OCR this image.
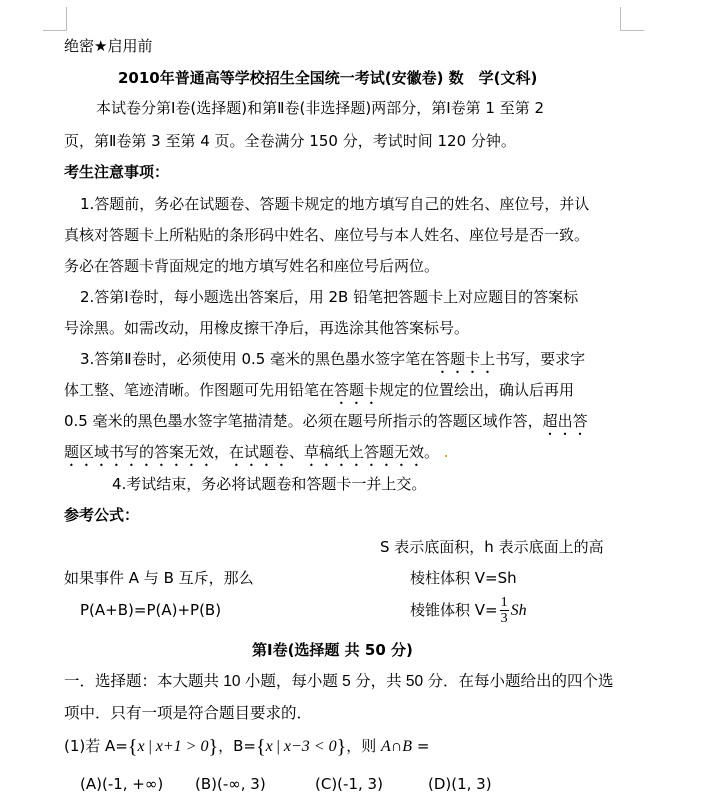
绝密★启用前
2010年普通高等学校招生全国统一考试(安徽卷) 数　学(文科)
本试卷分第Ⅰ卷(选择题)和第Ⅱ卷(非选择题)两部分，第Ⅰ卷第 1 至第 2
页，第Ⅱ卷第 3 至第 4 页。全卷满分 150 分，考试时间 120 分钟。
考生注意事项：
1.答题前，务必在试题卷、答题卡规定的地方填写自己的姓名、座位号，并认
真核对答题卡上所粘贴的条形码中姓名、座位号与本人姓名、座位号是否一致。
务必在答题卡背面规定的地方填写姓名和座位号后两位。
2.答第Ⅰ卷时，每小题选出答案后，用 2B 铅笔把答题卡上对应题目的答案标
号涂黑。如需改动，用橡皮擦干净后，再选涂其他答案标号。
3.答第Ⅱ卷时，必须使用 0.5 毫米的黑色墨水签字笔在答题卡上书写，要求字
体工整、笔迹清晰。作图题可先用铅笔在答题卡规定的位置绘出，确认后再用
0.5 毫米的黑色墨水签字笔描清楚。必须在题号所指示的答题区域作答，超出答
题区域书写的答案无效，在试题卷、草稿纸上答题无效。
4.考试结束，务必将试题卷和答题卡一并上交。
参考公式：
S 表示底面积，h 表示底面上的高
如果事件 A 与 B 互斥，那么	棱柱体积 V=Sh
P(A+B)=P(A)+P(B)	棱锥体积 $V= \frac{1}{3}$ Sh
第Ⅰ卷(选择题 共 50 分)
一．选择题：本大题共 10 小题，每小题 5 分，共 50 分．在每小题给出的四个选
项中．只有一项是符合题目要求的．
(1)若 A={x | x+1 > 0}，B={x | x−3 < 0}，则 A∩B =
(A)(-1, +∞) (B)(-∞, 3)	(C)(-1, 3)	(D)(1, 3)
